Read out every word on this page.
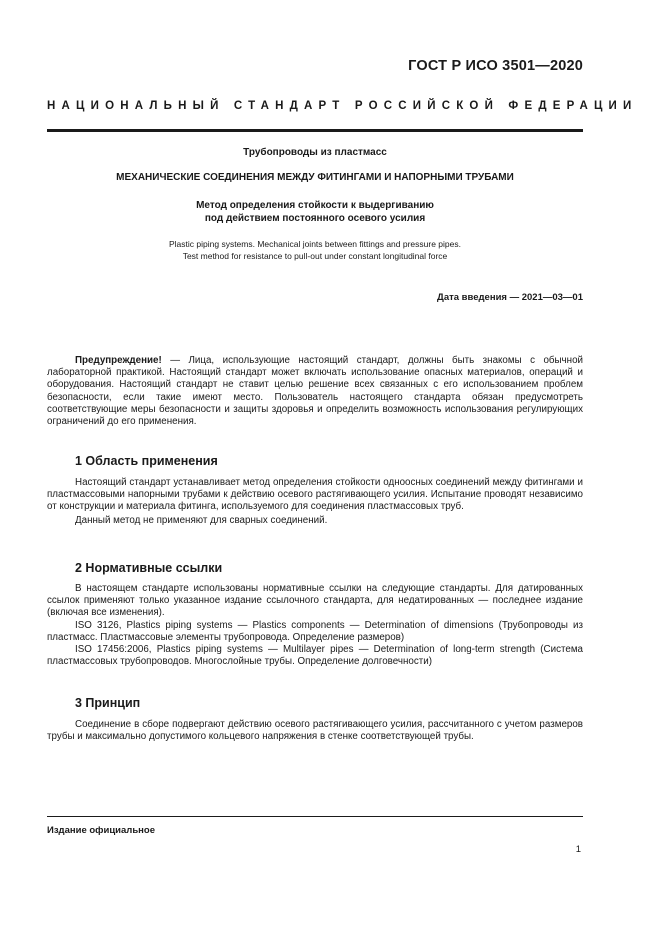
ГОСТ Р ИСО 3501—2020
НАЦИОНАЛЬНЫЙ СТАНДАРТ РОССИЙСКОЙ ФЕДЕРАЦИИ
Трубопроводы из пластмасс
МЕХАНИЧЕСКИЕ СОЕДИНЕНИЯ МЕЖДУ ФИТИНГАМИ И НАПОРНЫМИ ТРУБАМИ
Метод определения стойкости к выдергиванию
под действием постоянного осевого усилия
Plastic piping systems. Mechanical joints between fittings and pressure pipes.
Test method for resistance to pull-out under constant longitudinal force
Дата введения — 2021—03—01

Предупреждение! — Лица, использующие настоящий стандарт, должны быть знакомы с обычной лабораторной практикой. Настоящий стандарт может включать использование опасных материалов, операций и оборудования. Настоящий стандарт не ставит целью решение всех связанных с его использованием проблем безопасности, если такие имеют место. Пользователь настоящего стандарта обязан предусмотреть соответствующие меры безопасности и защиты здоровья и определить возможность использования регулирующих ограничений до его применения.

1 Область применения

Настоящий стандарт устанавливает метод определения стойкости одноосных соединений между фитингами и пластмассовыми напорными трубами к действию осевого растягивающего усилия. Испытание проводят независимо от конструкции и материала фитинга, используемого для соединения пластмассовых труб.

Данный метод не применяют для сварных соединений.

2 Нормативные ссылки

В настоящем стандарте использованы нормативные ссылки на следующие стандарты. Для датированных ссылок применяют только указанное издание ссылочного стандарта, для недатированных — последнее издание (включая все изменения).

ISO 3126, Plastics piping systems — Plastics components — Determination of dimensions (Трубопроводы из пластмасс. Пластмассовые элементы трубопровода. Определение размеров)

ISO 17456:2006, Plastics piping systems — Multilayer pipes — Determination of long-term strength (Система пластмассовых трубопроводов. Многослойные трубы. Определение долговечности)

3 Принцип

Соединение в сборе подвергают действию осевого растягивающего усилия, рассчитанного с учетом размеров трубы и максимально допустимого кольцевого напряжения в стенке соответствующей трубы.

Издание официальное
1
